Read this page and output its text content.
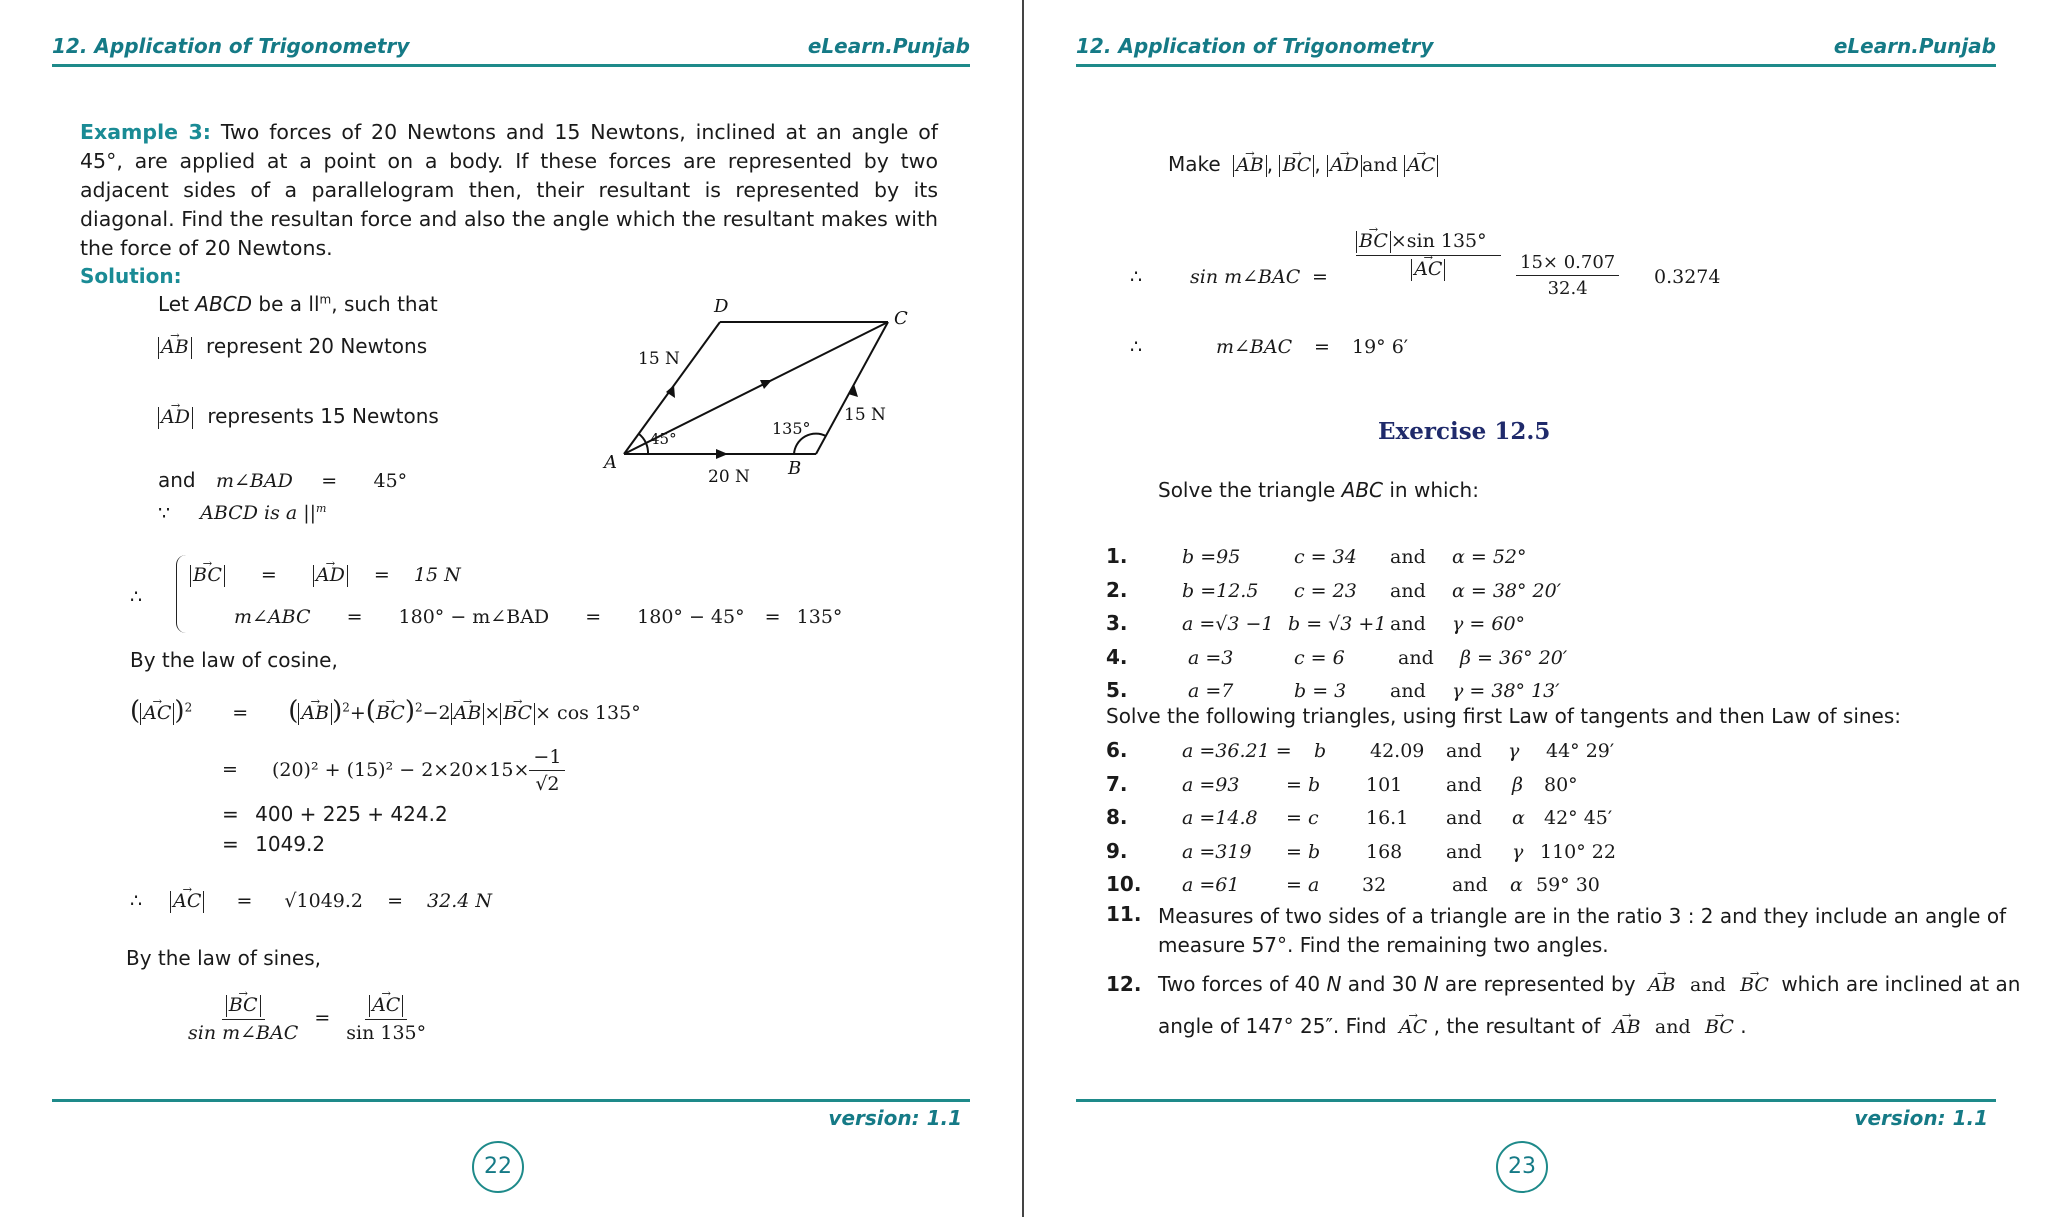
12. Application of Trigonometry	eLearn.Punjab
Example 3: Two forces of 20 Newtons and 15 Newtons, inclined at an angle of 45°, are applied at a point on a body. If these forces are represented by two adjacent sides of a parallelogram then, their resultant is represented by its diagonal. Find the resultan force and also the angle which the resultant makes with the force of 20 Newtons.
Solution:
Let ABCD be a $ll^m$, such that
→ AB represent 20 Newtons
→ AD represents 15 Newtons
and m∠BAD = 45°
∵ ABCD is a $||^m$
∴
→ BC = → AD = 15 N
m∠ABC = 180° − m∠BAD = 180° − 45° = 135°
By the law of cosine,
( → AC )$^2$ = ( → AB )$^2$+(→ BC)$^2$−2 → AB × → BC × cos 135°
= $(20)^2 + (15)^2 - 2\times 20\times 15\times \frac{-1}{√2}$
= 400 + 225 + 424.2
= 1049.2
∴ → AC = √1049.2 = 32.4 N
By the law of sines,
→ $\frac{BC}{\text{sin m∠BAC}}$ = → $\frac{AC}{\sin 135^\circ}$
A	B
C
D
15 N
15 N
20 N
45°
135°
version: 1.1
22
12. Application of Trigonometry	eLearn.Punjab
Make → AB , → BC , → AD and → AC
∴	sin m∠BAC = → BC ×sin 135°
→ AC $\frac{15\times 0.707}{32.4} 0.3274$
∴	m∠BAC = 19° 6′
Exercise 12.5
Solve the triangle ABC in which:
Solve the following triangles, using first Law of tangents and then Law of sines:
11. Measures of two sides of a triangle are in the ratio 3 : 2 and they include an angle of
measure 57°. Find the remaining two angles.
12. Two forces of 40 N and 30 N are represented by → AB and → BC which are inclined at an
angle of 147° 25″. Find → AC , the resultant of → AB and → BC .
version: 1.1
23
1.	b =95	c = 34 and α = 52°
2.	b =12.5 c = 23 and α = 38° 20′
3.	a =√3 −1 b = √3 +1 and γ = 60°
4.	a =3	c = 6	and β = 36° 20′
5.	a =7	b = 3 and γ = 38° 13′
6.	a =36.21 = b 42.09 and γ 44° 29′
7.	a =93 = b 101 and β 80°
8.	a =14.8 = c 16.1 and α 42° 45′
9.	a =319 = b 168 and γ 110° 22
10. a =61 = a 32	and α 59° 30
